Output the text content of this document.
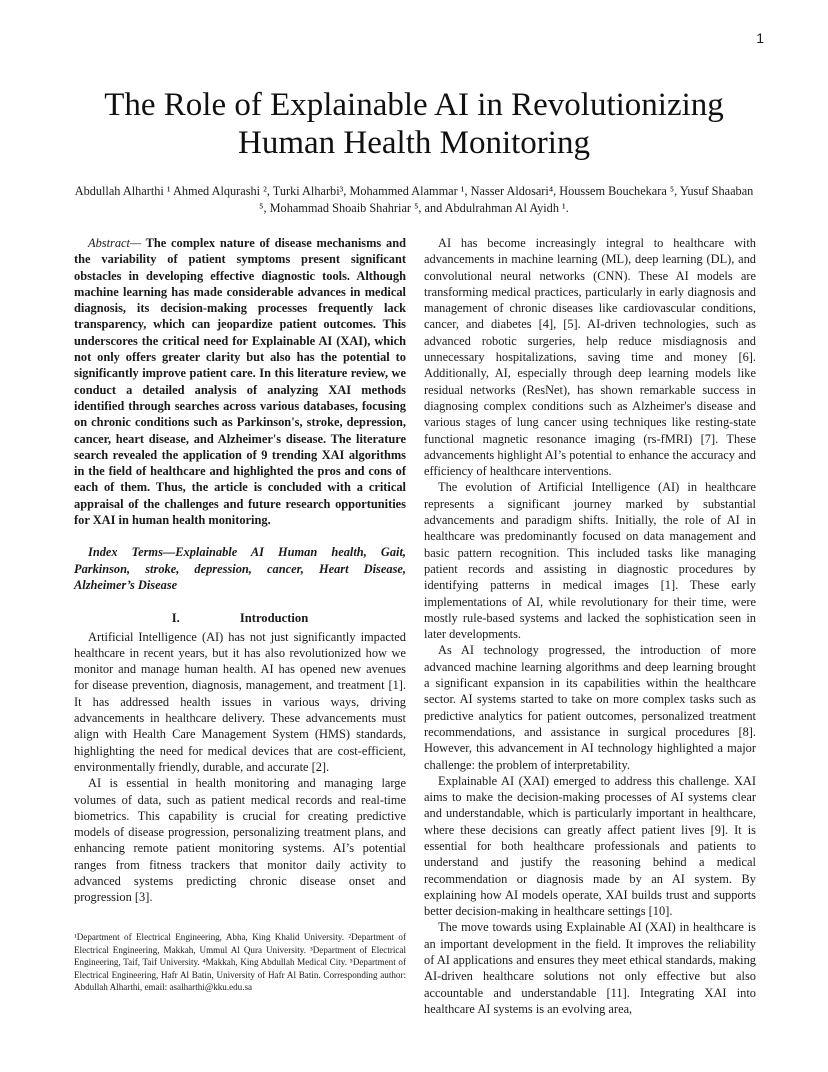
1
The Role of Explainable AI in Revolutionizing
Human Health Monitoring
Abdullah Alharthi ¹ Ahmed Alqurashi ², Turki Alharbi³, Mohammed Alammar ¹, Nasser Aldosari⁴, Houssem Bouchekara ⁵, Yusuf Shaaban ⁵, Mohammad Shoaib Shahriar ⁵, and Abdulrahman Al Ayidh ¹.

Abstract— The complex nature of disease mechanisms and the variability of patient symptoms present significant obstacles in developing effective diagnostic tools. Although machine learning has made considerable advances in medical diagnosis, its decision-making processes frequently lack transparency, which can jeopardize patient outcomes. This underscores the critical need for Explainable AI (XAI), which not only offers greater clarity but also has the potential to significantly improve patient care. In this literature review, we conduct a detailed analysis of analyzing XAI methods identified through searches across various databases, focusing on chronic conditions such as Parkinson's, stroke, depression, cancer, heart disease, and Alzheimer's disease. The literature search revealed the application of 9 trending XAI algorithms in the field of healthcare and highlighted the pros and cons of each of them. Thus, the article is concluded with a critical appraisal of the challenges and future research opportunities for XAI in human health monitoring.

Index Terms—Explainable AI Human health, Gait, Parkinson, stroke, depression, cancer, Heart Disease, Alzheimer’s Disease

I.	Introduction

Artificial Intelligence (AI) has not just significantly impacted healthcare in recent years, but it has also revolutionized how we monitor and manage human health. AI has opened new avenues for disease prevention, diagnosis, management, and treatment [1]. It has addressed health issues in various ways, driving advancements in healthcare delivery. These advancements must align with Health Care Management System (HMS) standards, highlighting the need for medical devices that are cost-efficient, environmentally friendly, durable, and accurate [2].

AI is essential in health monitoring and managing large volumes of data, such as patient medical records and real-time biometrics. This capability is crucial for creating predictive models of disease progression, personalizing treatment plans, and enhancing remote patient monitoring systems. AI’s potential ranges from fitness trackers that monitor daily activity to advanced systems predicting chronic disease onset and progression [3].

AI has become increasingly integral to healthcare with advancements in machine learning (ML), deep learning (DL), and convolutional neural networks (CNN). These AI models are transforming medical practices, particularly in early diagnosis and management of chronic diseases like cardiovascular conditions, cancer, and diabetes [4], [5]. AI-driven technologies, such as advanced robotic surgeries, help reduce misdiagnosis and unnecessary hospitalizations, saving time and money [6]. Additionally, AI, especially through deep learning models like residual networks (ResNet), has shown remarkable success in diagnosing complex conditions such as Alzheimer's disease and various stages of lung cancer using techniques like resting-state functional magnetic resonance imaging (rs-fMRI) [7]. These advancements highlight AI’s potential to enhance the accuracy and efficiency of healthcare interventions.

The evolution of Artificial Intelligence (AI) in healthcare represents a significant journey marked by substantial advancements and paradigm shifts. Initially, the role of AI in healthcare was predominantly focused on data management and basic pattern recognition. This included tasks like managing patient records and assisting in diagnostic procedures by identifying patterns in medical images [1]. These early implementations of AI, while revolutionary for their time, were mostly rule-based systems and lacked the sophistication seen in later developments.

As AI technology progressed, the introduction of more advanced machine learning algorithms and deep learning brought a significant expansion in its capabilities within the healthcare sector. AI systems started to take on more complex tasks such as predictive analytics for patient outcomes, personalized treatment recommendations, and assistance in surgical procedures [8]. However, this advancement in AI technology highlighted a major challenge: the problem of interpretability.

Explainable AI (XAI) emerged to address this challenge. XAI aims to make the decision-making processes of AI systems clear and understandable, which is particularly important in healthcare, where these decisions can greatly affect patient lives [9]. It is essential for both healthcare professionals and patients to understand and justify the reasoning behind a medical recommendation or diagnosis made by an AI system. By explaining how AI models operate, XAI builds trust and supports better decision-making in healthcare settings [10].

The move towards using Explainable AI (XAI) in healthcare is an important development in the field. It improves the reliability of AI applications and ensures they meet ethical standards, making AI-driven healthcare solutions not only effective but also accountable and understandable [11]. Integrating XAI into healthcare AI systems is an evolving area,

¹Department of Electrical Engineering, Abha, King Khalid University. ²Department of Electrical Engineering, Makkah, Ummul Al Qura University. ³Department of Electrical Engineering, Taif, Taif University. ⁴Makkah, King Abdullah Medical City. ⁵Department of Electrical Engineering, Hafr Al Batin, University of Hafr Al Batin. Corresponding author: Abdullah Alharthi, email: asalharthi@kku.edu.sa
